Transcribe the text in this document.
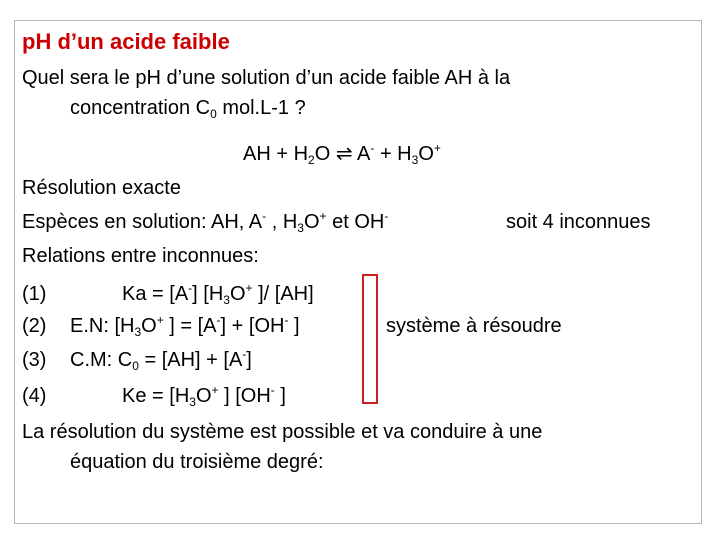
pH d’un acide faible
Quel sera le pH d’une solution d’un acide faible AH à la
concentration $C_0$ mol.L-1 ?
AH + $H_2O$ ⇌ $A^- + H_3O^+$
Résolution exacte
Espèces en solution: AH, A- , $H_3O^+$ et OH-	soit 4 inconnues
Relations entre inconnues:
(1)	Ka = [A-] [$H_3O^+$ ]/ [AH]
(2) E.N: [$H_3O^+$ ] = [A-] + [OH- ]	système à résoudre
(3) C.M: $C_0 = [AH] + [A^-]$
(4)	$Ke = [H_3O^+$ ] [OH- ]
La résolution du système est possible et va conduire à une
équation du troisième degré:
